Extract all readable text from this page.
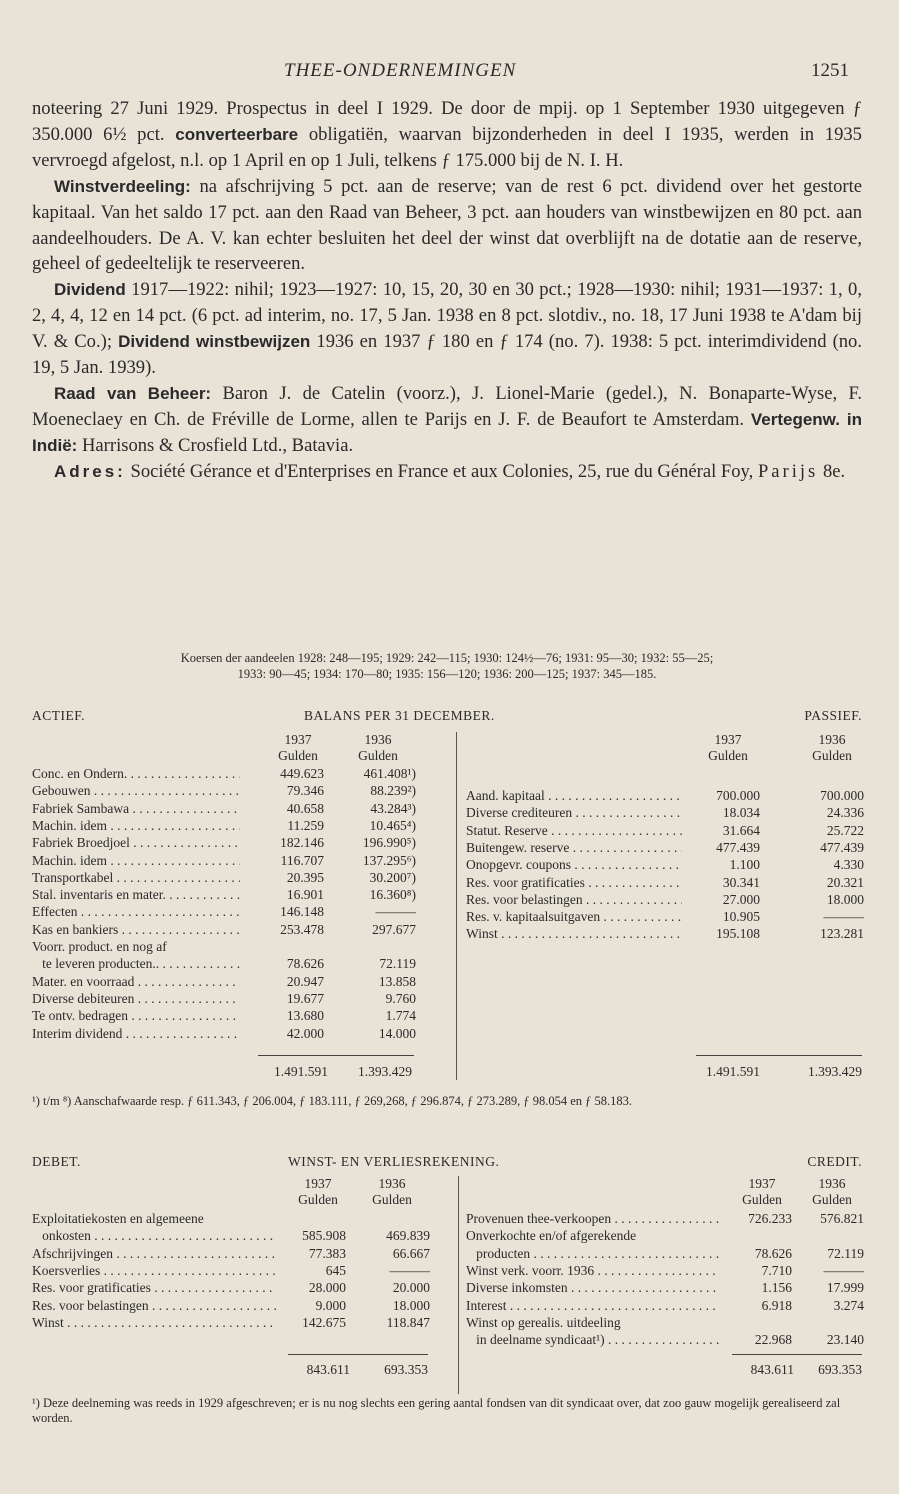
THEE-ONDERNEMINGEN	1251

noteering 27 Juni 1929. Prospectus in deel I 1929. De door de mpij. op 1 September 1930 uitgegeven ƒ 350.000 6½ pct. converteerbare obligatiën, waarvan bijzonderheden in deel I 1935, werden in 1935 vervroegd afgelost, n.l. op 1 April en op 1 Juli, telkens ƒ 175.000 bij de N. I. H.

Winstverdeeling: na afschrijving 5 pct. aan de reserve; van de rest 6 pct. dividend over het gestorte kapitaal. Van het saldo 17 pct. aan den Raad van Beheer, 3 pct. aan houders van winstbewijzen en 80 pct. aan aandeelhouders. De A. V. kan echter besluiten het deel der winst dat overblijft na de dotatie aan de reserve, geheel of gedeeltelijk te reserveeren.

Dividend 1917—1922: nihil; 1923—1927: 10, 15, 20, 30 en 30 pct.; 1928—1930: nihil; 1931—1937: 1, 0, 2, 4, 4, 12 en 14 pct. (6 pct. ad interim, no. 17, 5 Jan. 1938 en 8 pct. slotdiv., no. 18, 17 Juni 1938 te A'dam bij V. & Co.); Dividend winstbewijzen 1936 en 1937 ƒ 180 en ƒ 174 (no. 7). 1938: 5 pct. interimdividend (no. 19, 5 Jan. 1939).

Raad van Beheer: Baron J. de Catelin (voorz.), J. Lionel-Marie (gedel.), N. Bonaparte-Wyse, F. Moeneclaey en Ch. de Fréville de Lorme, allen te Parijs en J. F. de Beaufort te Amsterdam. Vertegenw. in Indië: Harrisons & Crosfield Ltd., Batavia.

Adres: Société Gérance et d'Enterprises en France et aux Colonies, 25, rue du Général Foy, Parijs 8e.

Koersen der aandeelen 1928: 248—195; 1929: 242—115; 1930: 124½—76; 1931: 95—30; 1932: 55—25;
1933: 90—45; 1934: 170—80; 1935: 156—120; 1936: 200—125; 1937: 345—185.
ACTIEF.	BALANS PER 31 DECEMBER.	PASSIEF.
1937	1936
Gulden	Gulden
1937	1936
Gulden	Gulden
Conc. en Ondern. . . .	449.623	461.408¹)
Gebouwen . . .	79.346	88.239²)
Fabriek Sambawa . . .	40.658	43.284³)
Machin. idem . . .	11.259	10.465⁴)
Fabriek Broedjoel . . .	182.146	196.990⁵)
Machin. idem . . .	116.707	137.295⁶)
Transportkabel . . .	20.395	30.200⁷)
Stal. inventaris en mater. . . .	16.901	16.360⁸)
Effecten . . .	146.148	———
Kas en bankiers . . .	253.478	297.677
Voorr. product. en nog af
te leveren producten.. . . .	78.626	72.119
Mater. en voorraad . . .	20.947	13.858
Diverse debiteuren . . .	19.677	9.760
Te ontv. bedragen . . .	13.680	1.774
Interim dividend . . .	42.000	14.000
Aand. kapitaal . . .	700.000	700.000
Diverse crediteuren . . .	18.034	24.336
Statut. Reserve . . .	31.664	25.722
Buitengew. reserve . . .	477.439	477.439
Onopgevr. coupons . . .	1.100	4.330
Res. voor gratificaties . . .	30.341	20.321
Res. voor belastingen . . .	27.000	18.000
Res. v. kapitaalsuitgaven . . .	10.905	———
Winst . . .	195.108	123.281
1.491.591	1.393.429	1.491.591	1.393.429
¹) t/m ⁸) Aanschafwaarde resp. ƒ 611.343, ƒ 206.004, ƒ 183.111, ƒ 269,268, ƒ 296.874, ƒ 273.289, ƒ 98.054 en ƒ 58.183.
DEBET.	WINST- EN VERLIESREKENING.	CREDIT.
1937	1936
Gulden	Gulden
1937	1936
Gulden	Gulden
Exploitatiekosten en algemeene
onkosten . . .	585.908	469.839
Afschrijvingen . . .	77.383	66.667
Koersverlies . . .	645	———
Res. voor gratificaties . . .	28.000	20.000
Res. voor belastingen . . .	9.000	18.000
Winst . . .	142.675	118.847
Provenuen thee-verkoopen . . .	726.233	576.821
Onverkochte en/of afgerekende
producten . . .	78.626	72.119
Winst verk. voorr. 1936 . . .	7.710	———
Diverse inkomsten . . .	1.156	17.999
Interest . . .	6.918	3.274
Winst op gerealis. uitdeeling
in deelname syndicaat¹) . . .	22.968	23.140
843.611	693.353	843.611	693.353
¹) Deze deelneming was reeds in 1929 afgeschreven; er is nu nog slechts een gering aantal fondsen van dit syndicaat over, dat zoo gauw mogelijk gerealiseerd zal worden.
